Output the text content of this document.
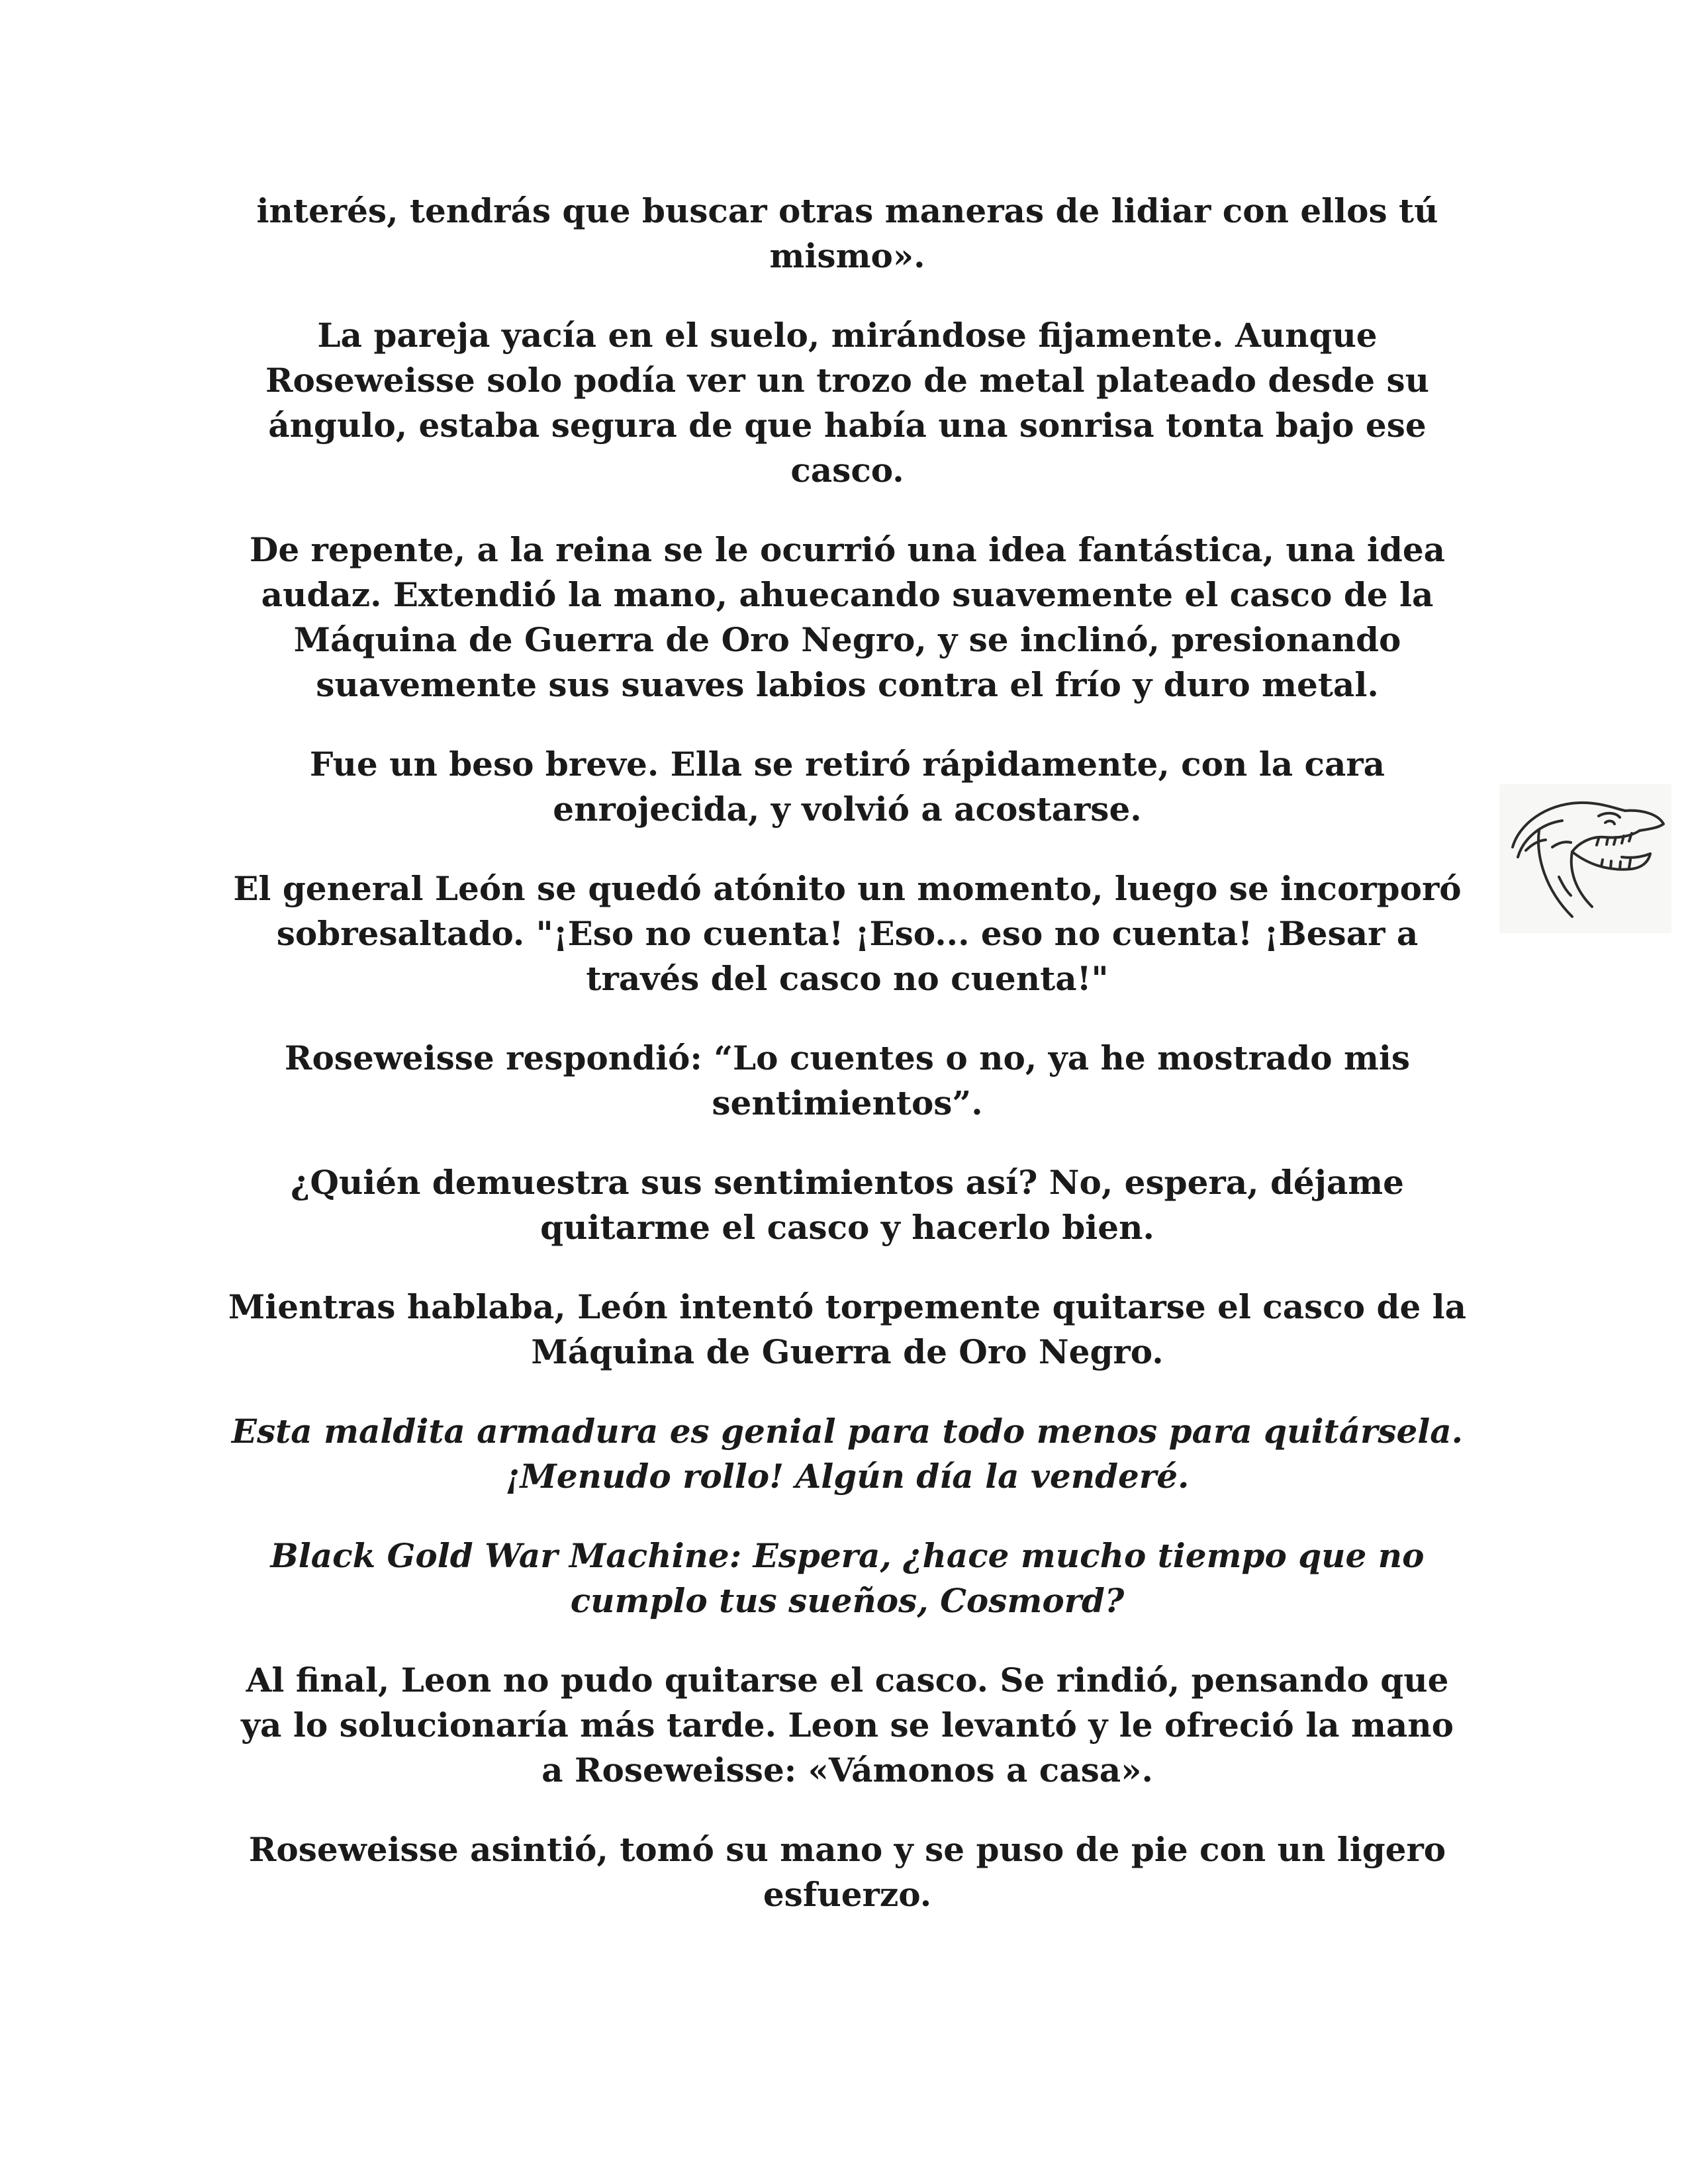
interés, tendrás que buscar otras maneras de lidiar con ellos tú mismo».

La pareja yacía en el suelo, mirándose fijamente. Aunque Roseweisse solo podía ver un trozo de metal plateado desde su ángulo, estaba segura de que había una sonrisa tonta bajo ese casco.

De repente, a la reina se le ocurrió una idea fantástica, una idea audaz. Extendió la mano, ahuecando suavemente el casco de la Máquina de Guerra de Oro Negro, y se inclinó, presionando suavemente sus suaves labios contra el frío y duro metal.

Fue un beso breve. Ella se retiró rápidamente, con la cara enrojecida, y volvió a acostarse.

El general León se quedó atónito un momento, luego se incorporó sobresaltado. "¡Eso no cuenta! ¡Eso... eso no cuenta! ¡Besar a través del casco no cuenta!"

Roseweisse respondió: “Lo cuentes o no, ya he mostrado mis sentimientos”.

¿Quién demuestra sus sentimientos así? No, espera, déjame quitarme el casco y hacerlo bien.

Mientras hablaba, León intentó torpemente quitarse el casco de la Máquina de Guerra de Oro Negro.

Esta maldita armadura es genial para todo menos para quitársela. ¡Menudo rollo! Algún día la venderé.

Black Gold War Machine: Espera, ¿hace mucho tiempo que no cumplo tus sueños, Cosmord?

Al final, Leon no pudo quitarse el casco. Se rindió, pensando que ya lo solucionaría más tarde. Leon se levantó y le ofreció la mano a Roseweisse: «Vámonos a casa».

Roseweisse asintió, tomó su mano y se puso de pie con un ligero esfuerzo.
